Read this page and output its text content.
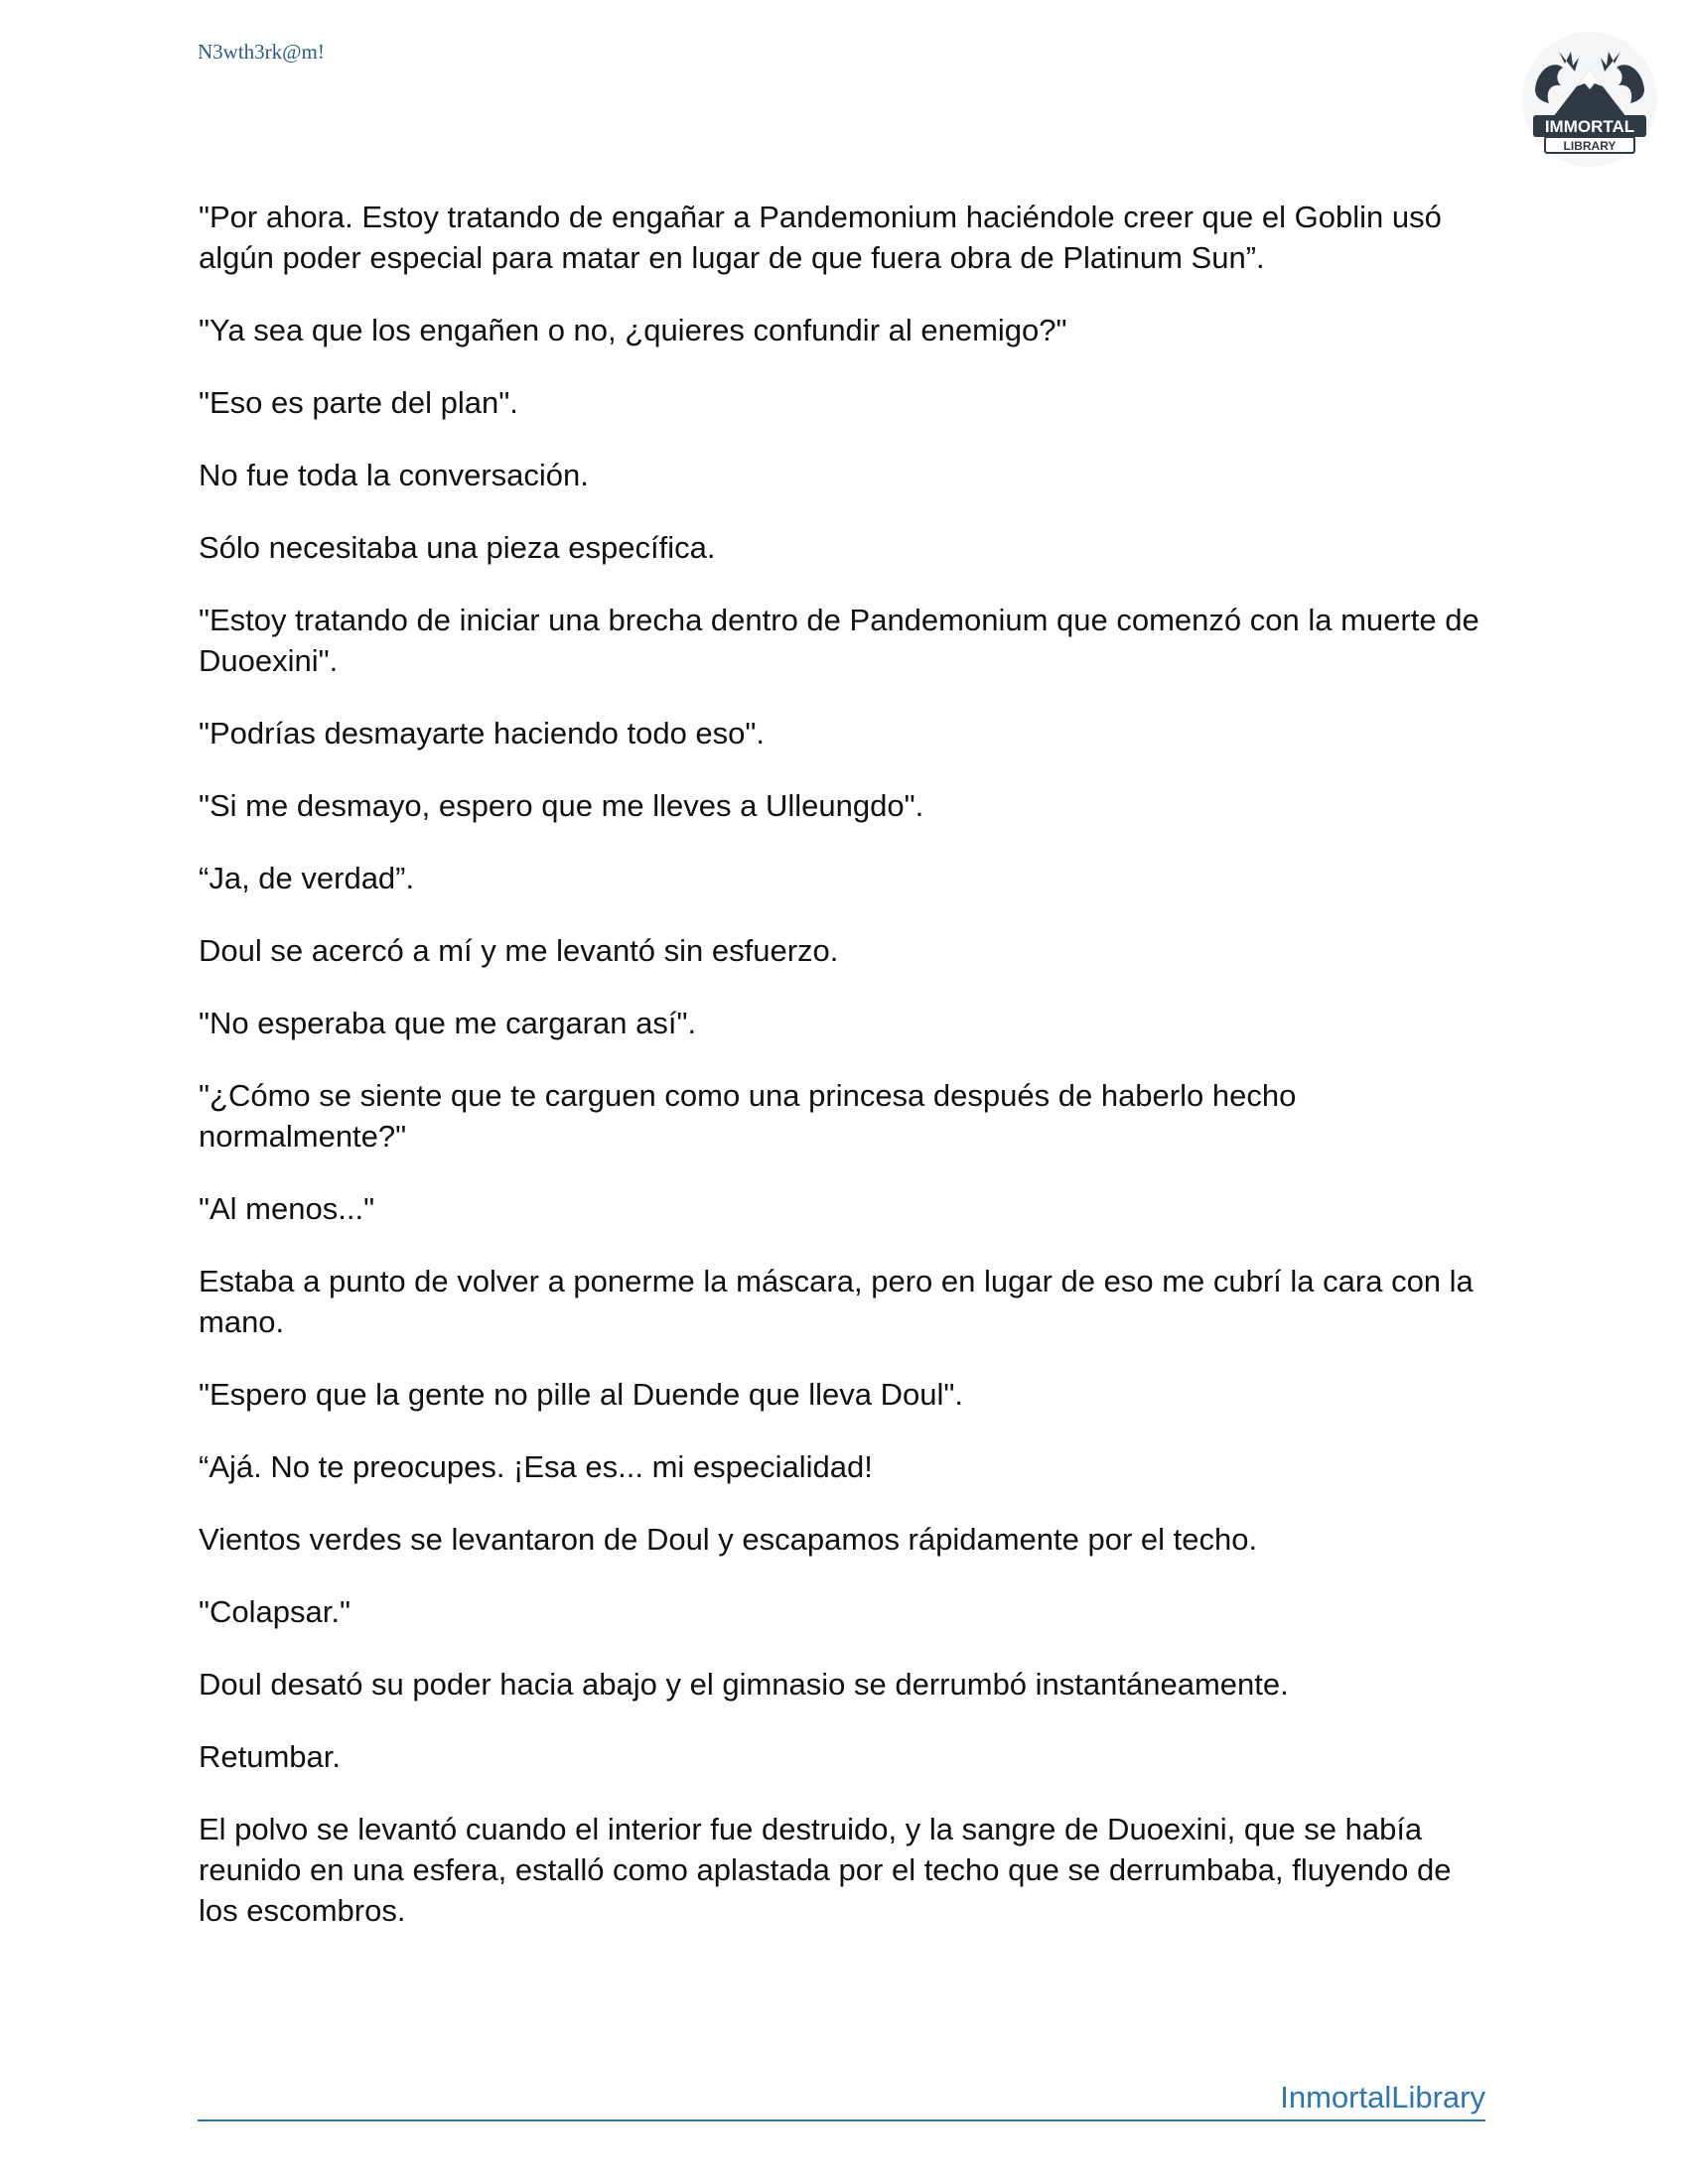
N3wth3rk@m!
IMMORTAL
LIBRARY

"Por ahora. Estoy tratando de engañar a Pandemonium haciéndole creer que el Goblin usó algún poder especial para matar en lugar de que fuera obra de Platinum Sun”.

"Ya sea que los engañen o no, ¿quieres confundir al enemigo?"

"Eso es parte del plan".

No fue toda la conversación.

Sólo necesitaba una pieza específica.

"Estoy tratando de iniciar una brecha dentro de Pandemonium que comenzó con la muerte de Duoexini".

"Podrías desmayarte haciendo todo eso".

"Si me desmayo, espero que me lleves a Ulleungdo".

“Ja, de verdad”.

Doul se acercó a mí y me levantó sin esfuerzo.

"No esperaba que me cargaran así".

"¿Cómo se siente que te carguen como una princesa después de haberlo hecho normalmente?"

"Al menos..."

Estaba a punto de volver a ponerme la máscara, pero en lugar de eso me cubrí la cara con la mano.

"Espero que la gente no pille al Duende que lleva Doul".

“Ajá. No te preocupes. ¡Esa es... mi especialidad!

Vientos verdes se levantaron de Doul y escapamos rápidamente por el techo.

"Colapsar."

Doul desató su poder hacia abajo y el gimnasio se derrumbó instantáneamente.

Retumbar.

El polvo se levantó cuando el interior fue destruido, y la sangre de Duoexini, que se había reunido en una esfera, estalló como aplastada por el techo que se derrumbaba, fluyendo de los escombros.

InmortalLibrary
